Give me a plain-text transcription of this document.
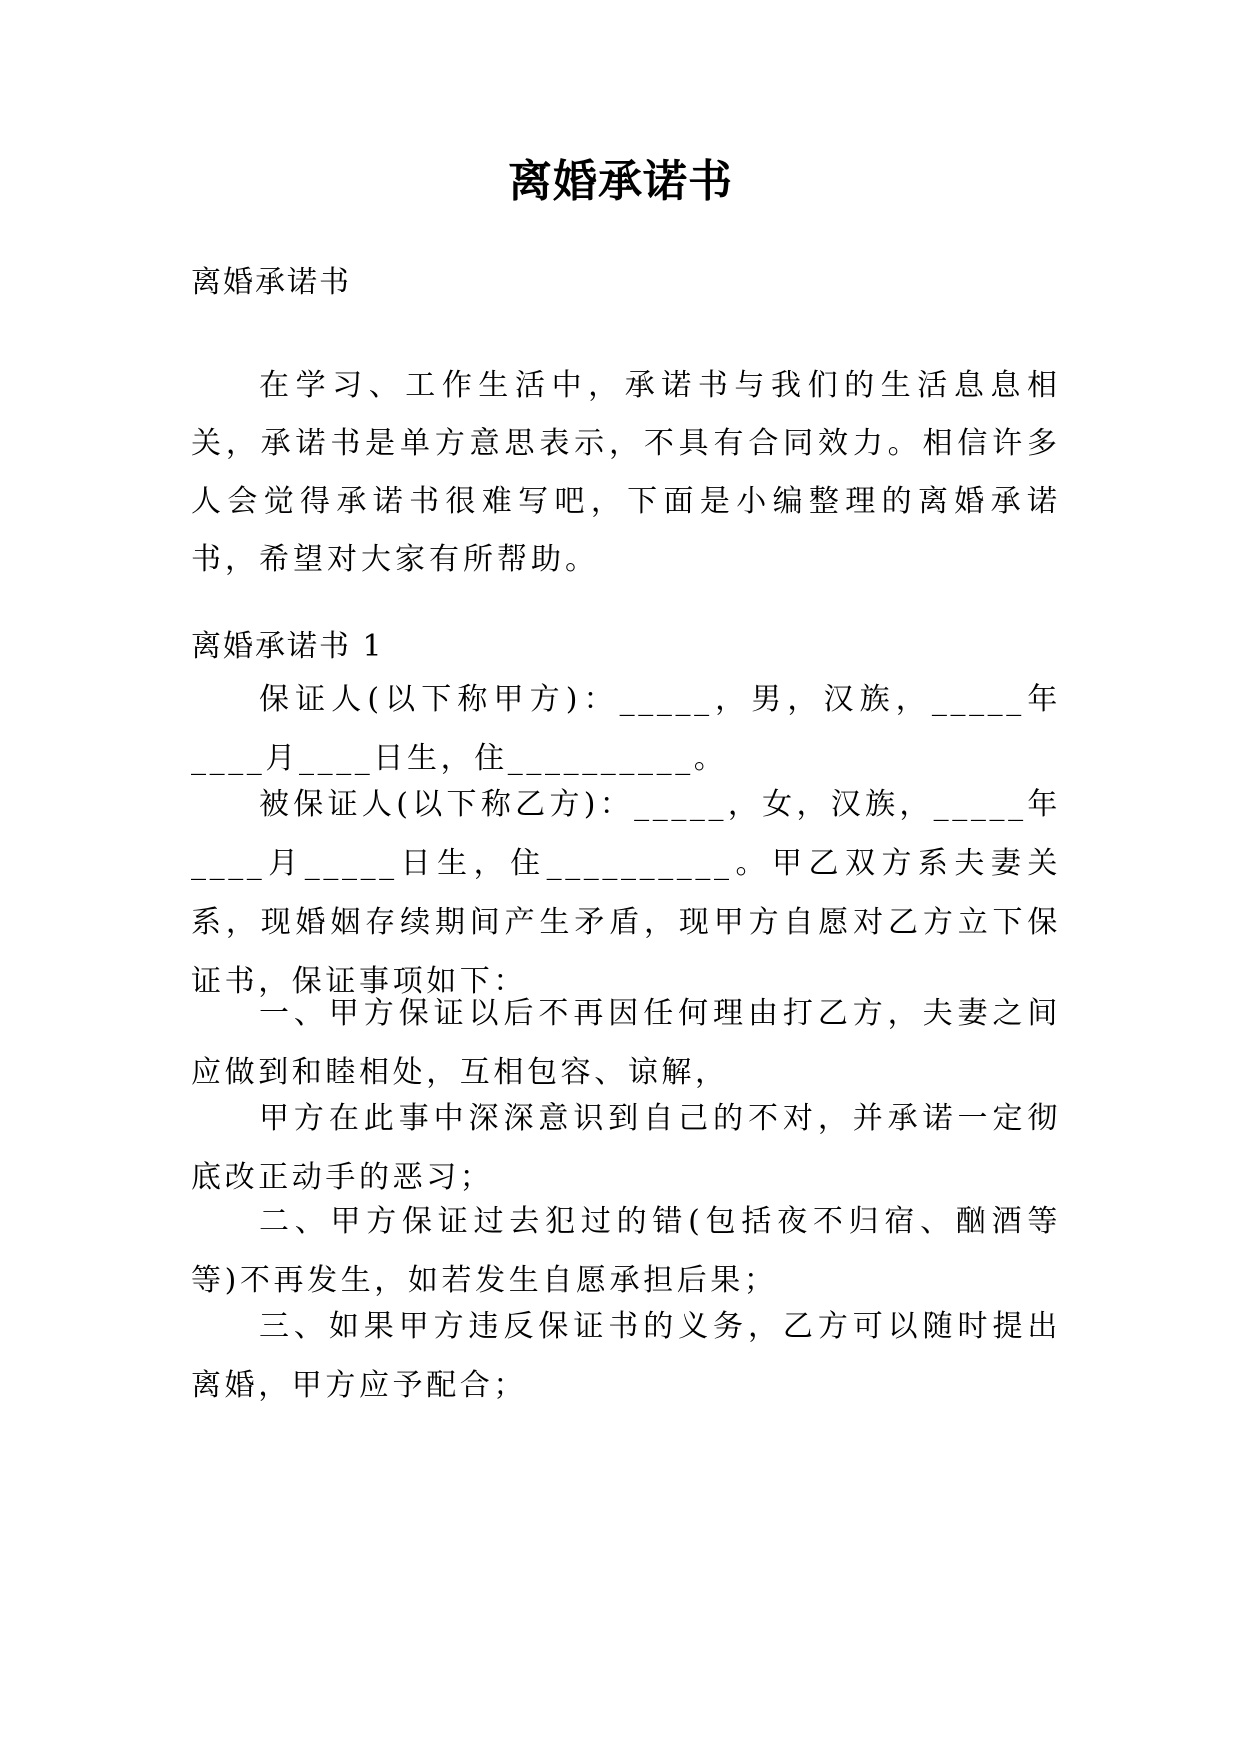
离婚承诺书

离婚承诺书

在学习、工作生活中，承诺书与我们的生活息息相关，承诺书是单方意思表示，不具有合同效力。相信许多人会觉得承诺书很难写吧，下面是小编整理的离婚承诺书，希望对大家有所帮助。

离婚承诺书 1

保证人(以下称甲方)：_____，男，汉族，_____年____月____日生，住__________。

被保证人(以下称乙方)：_____，女，汉族，_____年____月_____日生，住__________。甲乙双方系夫妻关系，现婚姻存续期间产生矛盾，现甲方自愿对乙方立下保证书，保证事项如下：

一、甲方保证以后不再因任何理由打乙方，夫妻之间应做到和睦相处，互相包容、谅解，

甲方在此事中深深意识到自己的不对，并承诺一定彻底改正动手的恶习；

二、甲方保证过去犯过的错(包括夜不归宿、酗酒等等)不再发生，如若发生自愿承担后果；

三、如果甲方违反保证书的义务，乙方可以随时提出离婚，甲方应予配合；
